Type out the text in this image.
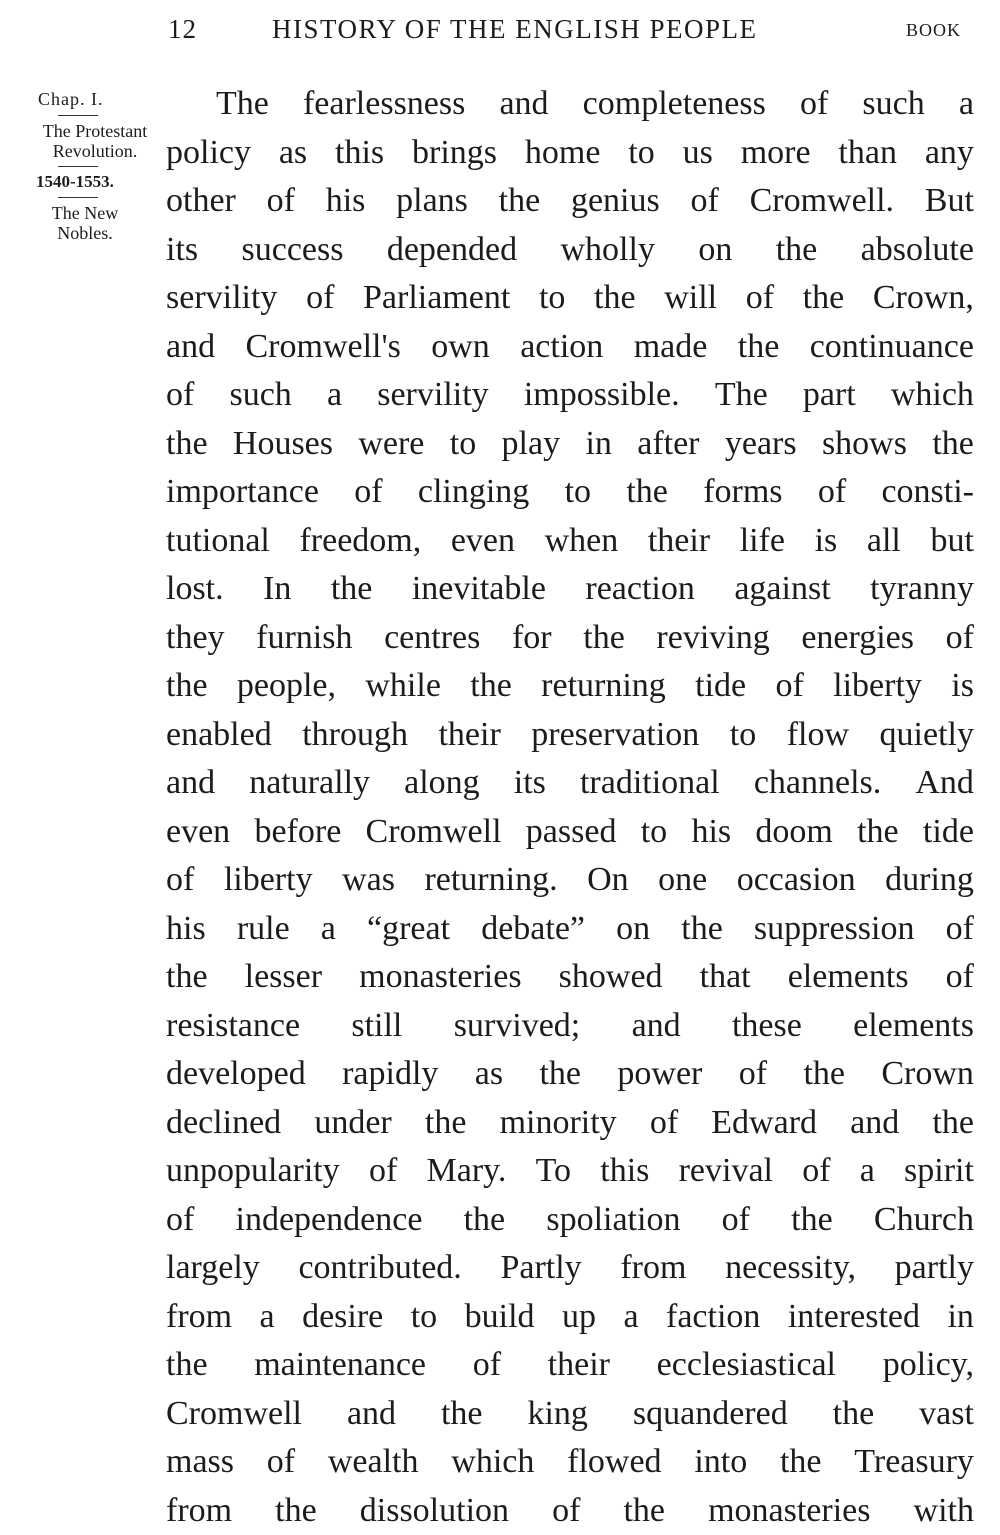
12	HISTORY OF THE ENGLISH PEOPLE	BOOK
Chap. I.
The Protestant Revolution.
1540-1553.
The New Nobles.
The fearlessness and completeness of such a
policy as this brings home to us more than any
other of his plans the genius of Cromwell. But
its success depended wholly on the absolute
servility of Parliament to the will of the Crown,
and Cromwell's own action made the continuance
of such a servility impossible. The part which
the Houses were to play in after years shows the
importance of clinging to the forms of consti-
tutional freedom, even when their life is all but
lost. In the inevitable reaction against tyranny
they furnish centres for the reviving energies of
the people, while the returning tide of liberty is
enabled through their preservation to flow quietly
and naturally along its traditional channels. And
even before Cromwell passed to his doom the tide
of liberty was returning. On one occasion during
his rule a “great debate” on the suppression of
the lesser monasteries showed that elements of
resistance still survived; and these elements
developed rapidly as the power of the Crown
declined under the minority of Edward and the
unpopularity of Mary. To this revival of a spirit
of independence the spoliation of the Church
largely contributed. Partly from necessity, partly
from a desire to build up a faction interested in
the maintenance of their ecclesiastical policy,
Cromwell and the king squandered the vast
mass of wealth which flowed into the Treasury
from the dissolution of the monasteries with
